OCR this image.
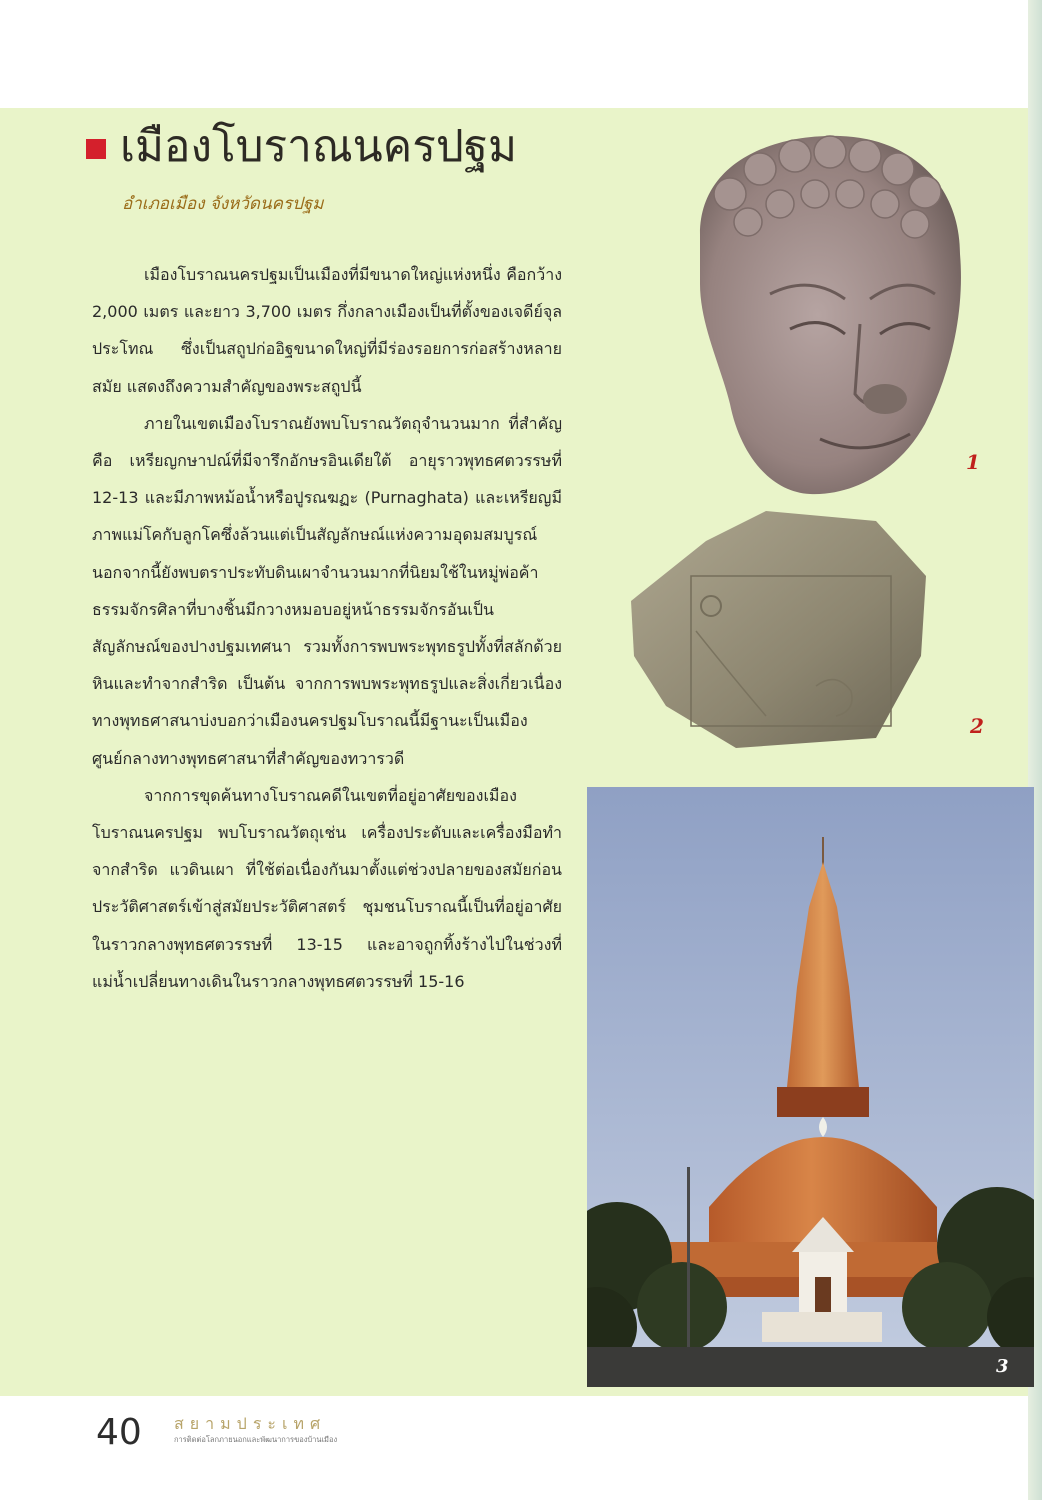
เมืองโบราณนครปฐม
อำเภอเมือง จังหวัดนครปฐม

เมืองโบราณนครปฐมเป็นเมืองที่มีขนาดใหญ่แห่งหนึ่ง คือกว้าง 2,000 เมตร และยาว 3,700 เมตร กึ่งกลางเมืองเป็นที่ตั้งของเจดีย์จุลประโทณ ซึ่งเป็นสถูปก่ออิฐขนาดใหญ่ที่มีร่องรอยการก่อสร้างหลายสมัย แสดงถึงความสำคัญของพระสถูปนี้

ภายในเขตเมืองโบราณยังพบโบราณวัตถุจำนวนมาก ที่สำคัญคือ เหรียญกษาปณ์ที่มีจารึกอักษรอินเดียใต้ อายุราวพุทธศตวรรษที่ 12-13 และมีภาพหม้อน้ำหรือปูรณฆฏะ (Purnaghata) และเหรียญมีภาพแม่โคกับลูกโคซึ่งล้วนแต่เป็นสัญลักษณ์แห่งความอุดมสมบูรณ์ นอกจากนี้ยังพบตราประทับดินเผาจำนวนมากที่นิยมใช้ในหมู่พ่อค้า ธรรมจักรศิลาที่บางชิ้นมีกวางหมอบอยู่หน้าธรรมจักรอันเป็นสัญลักษณ์ของปางปฐมเทศนา รวมทั้งการพบพระพุทธรูปทั้งที่สลักด้วยหินและทำจากสำริด เป็นต้น จากการพบพระพุทธรูปและสิ่งเกี่ยวเนื่องทางพุทธศาสนาบ่งบอกว่าเมืองนครปฐมโบราณนี้มีฐานะเป็นเมืองศูนย์กลางทางพุทธศาสนาที่สำคัญของทวารวดี

จากการขุดค้นทางโบราณคดีในเขตที่อยู่อาศัยของเมืองโบราณนครปฐม พบโบราณวัตถุเช่น เครื่องประดับและเครื่องมือทำจากสำริด แวดินเผา ที่ใช้ต่อเนื่องกันมาตั้งแต่ช่วงปลายของสมัยก่อนประวัติศาสตร์เข้าสู่สมัยประวัติศาสตร์ ชุมชนโบราณนี้เป็นที่อยู่อาศัยในราวกลางพุทธศตวรรษที่ 13-15 และอาจถูกทิ้งร้างไปในช่วงที่แม่น้ำเปลี่ยนทางเดินในราวกลางพุทธศตวรรษที่ 15-16

1
2
3
40 สยามประเทศ
การติดต่อโลกภายนอกและพัฒนาการของบ้านเมือง
